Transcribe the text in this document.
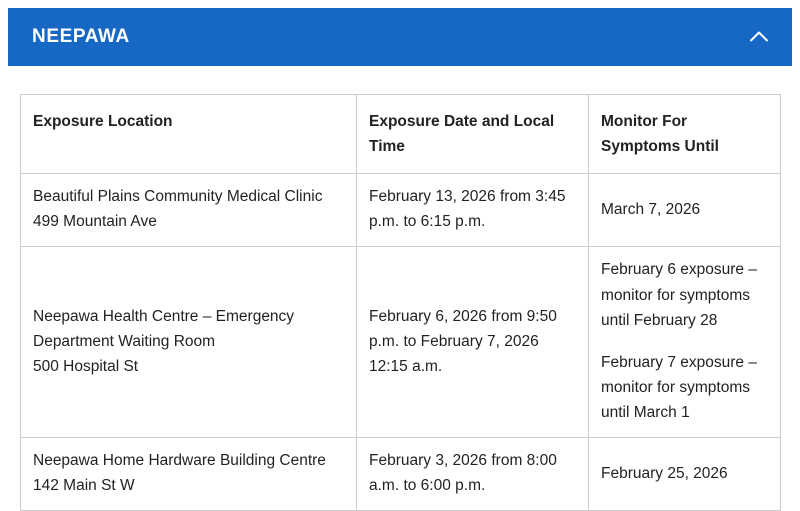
NEEPAWA
Exposure Location	Exposure Date and Local Time	Monitor For Symptoms Until

Beautiful Plains Community Medical Clinic
499 Mountain Ave	February 13, 2026 from 3:45 p.m. to 6:15 p.m.	March 7, 2026

Neepawa Health Centre – Emergency Department Waiting Room
500 Hospital St	February 6, 2026 from 9:50 p.m. to February 7, 2026 12:15 a.m.	February 6 exposure – monitor for symptoms until February 28
February 7 exposure – monitor for symptoms until March 1

Neepawa Home Hardware Building Centre
142 Main St W	February 3, 2026 from 8:00 a.m. to 6:00 p.m.	February 25, 2026
